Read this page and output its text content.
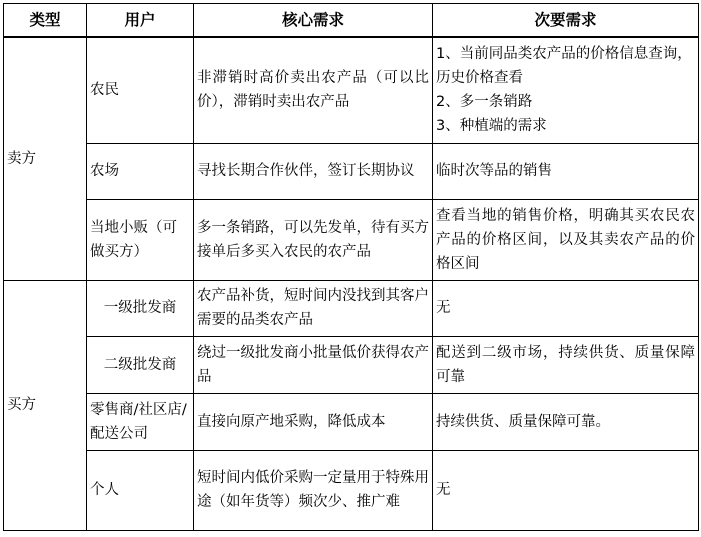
类型	用户	核心需求	次要需求
卖方	农民	非滞销时高价卖出农产品（可以比价），滞销时卖出农产品	1、当前同品类农产品的价格信息查询，历史价格查看
2、多一条销路
3、种植端的需求

	农场	寻找长期合作伙伴，签订长期协议	临时次等品的销售
	当地小贩（可做买方）	多一条销路，可以先发单，待有买方接单后多买入农民的农产品	查看当地的销售价格，明确其买农民农产品的价格区间，以及其卖农产品的价格区间
买方	一级批发商	农产品补货，短时间内没找到其客户需要的品类农产品	无
	二级批发商	绕过一级批发商小批量低价获得农产品	配送到二级市场，持续供货、质量保障可靠
	零售商/社区店/配送公司	直接向原产地采购，降低成本	持续供货、质量保障可靠。
	个人	短时间内低价采购一定量用于特殊用途（如年货等）频次少、推广难	无
